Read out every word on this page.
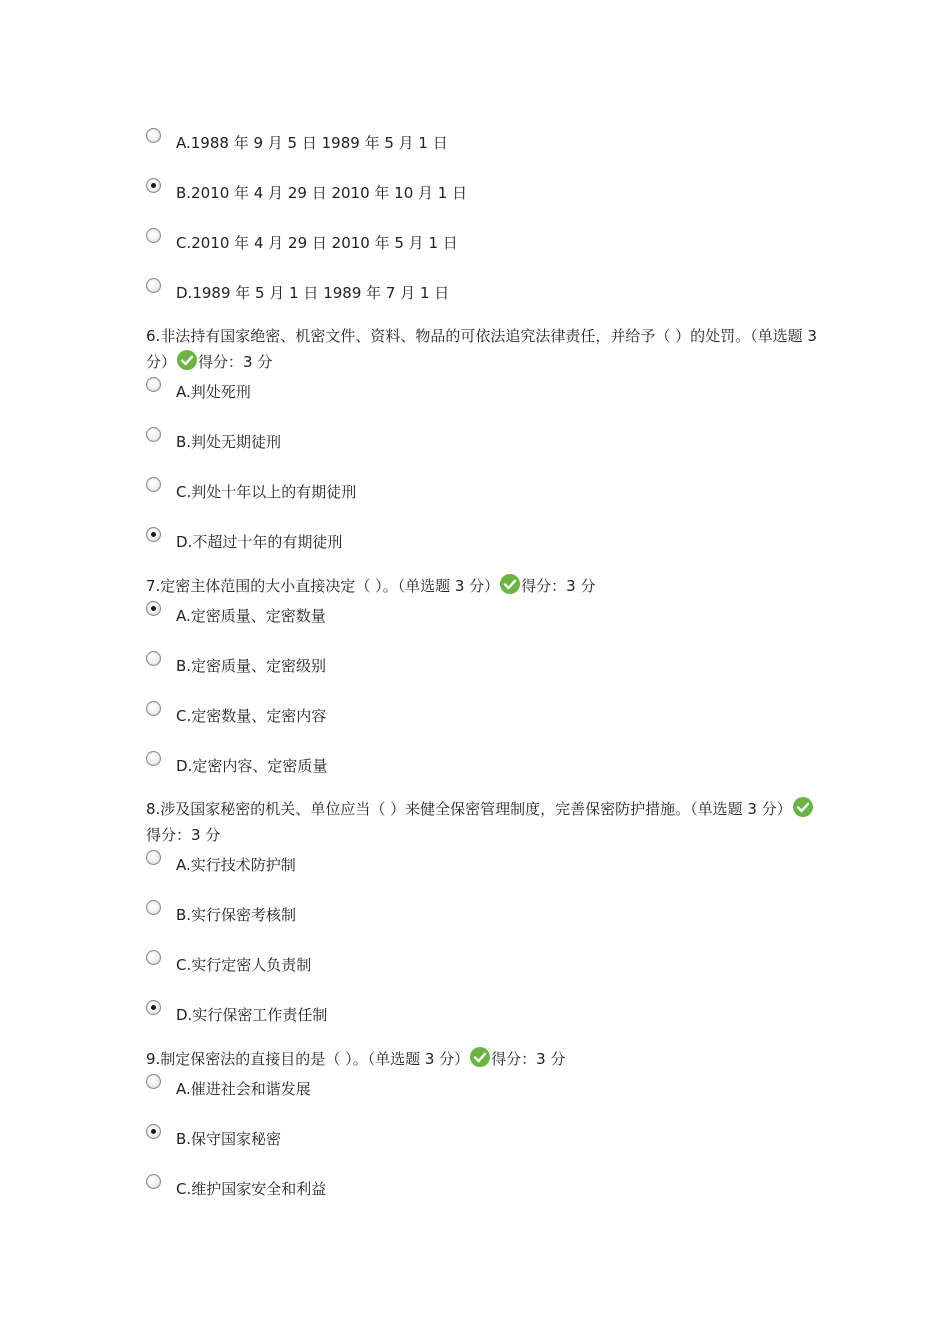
A.1988 年 9 月 5 日 1989 年 5 月 1 日
B.2010 年 4 月 29 日 2010 年 10 月 1 日
C.2010 年 4 月 29 日 2010 年 5 月 1 日
D.1989 年 5 月 1 日 1989 年 7 月 1 日
6.非法持有国家绝密、机密文件、资料、物品的可依法追究法律责任，并给予（ ）的处罚。（单选题 3 分） 得分：3 分
A.判处死刑
B.判处无期徒刑
C.判处十年以上的有期徒刑
D.不超过十年的有期徒刑
7.定密主体范围的大小直接决定（ ）。（单选题 3 分） 得分：3 分
A.定密质量、定密数量
B.定密质量、定密级别
C.定密数量、定密内容
D.定密内容、定密质量
8.涉及国家秘密的机关、单位应当（ ）来健全保密管理制度，完善保密防护措施。（单选题 3 分）得分：3 分
A.实行技术防护制
B.实行保密考核制
C.实行定密人负责制
D.实行保密工作责任制
9.制定保密法的直接目的是（ ）。（单选题 3 分） 得分：3 分
A.催进社会和谐发展
B.保守国家秘密
C.维护国家安全和利益
